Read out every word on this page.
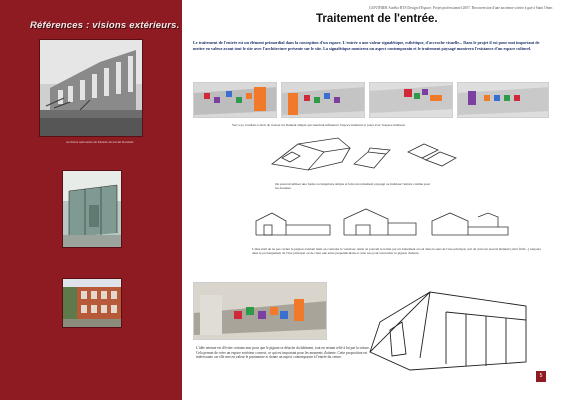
Références : visions extérieurs.
Archives nationales du Monde du travail Roubaix
GONTHIER Aurélia BTS Design d'Espace. Projet professionnel 2007. Reconversion d'une ancienne scierie à gué à Saint Omer.
Traitement de l'entrée.
Le traitement de l'entrée est un élément primordial dans la conception d'un espace. L'entrée a une valeur signalétique, esthétique, d'accroche visuelle... Dans le projet il est pour moi important de mettre en valeur avant tout le site avec l'architecture présente sur le site. La signalétique montrera un aspect contemporain et le traitement paysagé montrera l'existance d'un espace culturel.
Sur ce je voudrais à droit de trouver un élément simple qui viendrait influencer l'espace intérieur et jouer avec l'espace intérieur.
On pourrait utiliser une forme rectangulaire simple et faire un traitement paysagé ou intérieur l'entrée comme pour les données.
L'idée était de ne pas cacher le pignon existant mais au contraire le valoriser. Ainsi on pouvait le traiter par un traitement au sol dans le sens de l'axe principal, soit de créer un nouvel élément ( mur fictif...) toujours dans le prolongement de l'axe principal ou de créer une autre perpendiculaire à cette axe pour rencontrer le pignon d'entrée.
L'idée retenue est d'éviter certains mur pour que le pignon se détache du bâtiment, tout en restant relié à lui par la toiture. Cela permet de créer un espace extérieur couvert, ce qui est important pour les moments d'attente. Cette proposition est intéressante car elle met en valeur le patrimoine et donne un aspect contemporain à l'entrée du centre.
5
